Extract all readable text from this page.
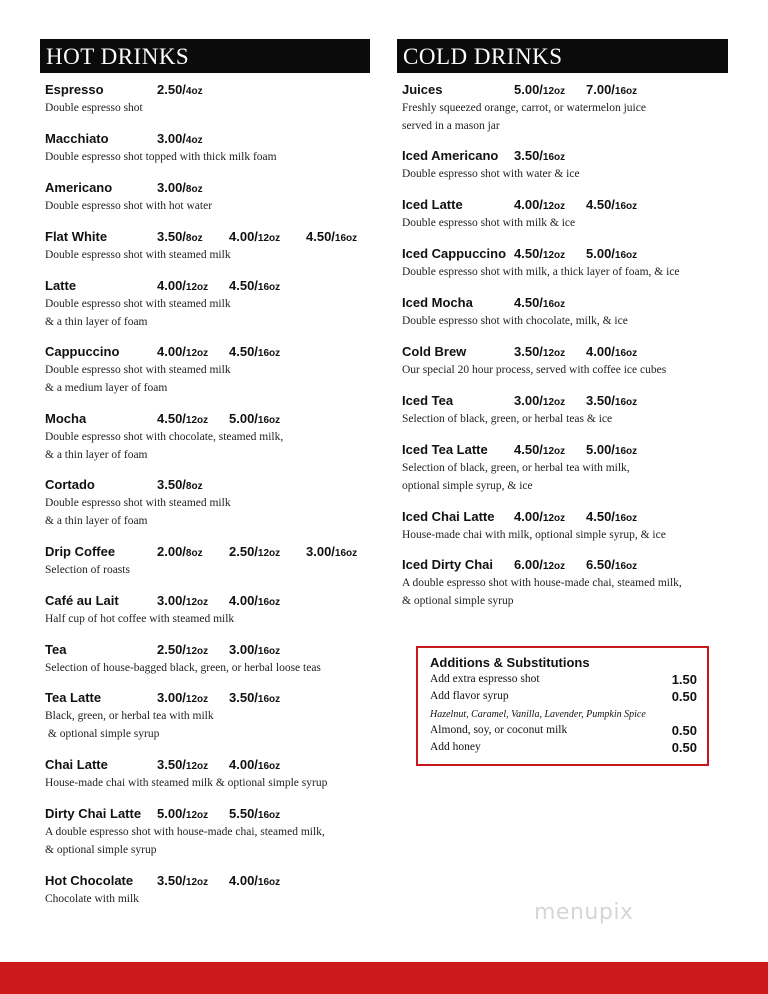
HOT DRINKS	COLD DRINKS
Espresso	2.50/4oz
Double espresso shot
Macchiato	3.00/4oz
Double espresso shot topped with thick milk foam
Americano	3.00/8oz
Double espresso shot with hot water
Flat White	3.50/8oz 4.00/12oz 4.50/16oz
Double espresso shot with steamed milk
Latte	4.00/12oz 4.50/16oz
Double espresso shot with steamed milk
& a thin layer of foam
Cappuccino	4.00/12oz 4.50/16oz
Double espresso shot with steamed milk
& a medium layer of foam
Mocha	4.50/12oz 5.00/16oz
Double espresso shot with chocolate, steamed milk,
& a thin layer of foam
Cortado	3.50/8oz
Double espresso shot with steamed milk
& a thin layer of foam
Drip Coffee	2.00/8oz 2.50/12oz 3.00/16oz
Selection of roasts
Café au Lait	3.00/12oz 4.00/16oz
Half cup of hot coffee with steamed milk
Tea	2.50/12oz 3.00/16oz
Selection of house-bagged black, green, or herbal loose teas
Tea Latte	3.00/12oz 3.50/16oz
Black, green, or herbal tea with milk
& optional simple syrup
Chai Latte	3.50/12oz 4.00/16oz
House-made chai with steamed milk & optional simple syrup
Dirty Chai Latte 5.00/12oz 5.50/16oz
A double espresso shot with house-made chai, steamed milk,
& optional simple syrup
Hot Chocolate 3.50/12oz 4.00/16oz
Chocolate with milk
Juices	5.00/12oz 7.00/16oz
Freshly squeezed orange, carrot, or watermelon juice
served in a mason jar
Iced Americano 3.50/16oz
Double espresso shot with water & ice
Iced Latte	4.00/12oz 4.50/16oz
Double espresso shot with milk & ice
Iced Cappuccino 4.50/12oz 5.00/16oz
Double espresso shot with milk, a thick layer of foam, & ice
Iced Mocha	4.50/16oz
Double espresso shot with chocolate, milk, & ice
Cold Brew	3.50/12oz 4.00/16oz
Our special 20 hour process, served with coffee ice cubes
Iced Tea	3.00/12oz 3.50/16oz
Selection of black, green, or herbal teas & ice
Iced Tea Latte 4.50/12oz 5.00/16oz
Selection of black, green, or herbal tea with milk,
optional simple syrup, & ice
Iced Chai Latte 4.00/12oz 4.50/16oz
House-made chai with milk, optional simple syrup, & ice
Iced Dirty Chai 6.00/12oz 6.50/16oz
A double espresso shot with house-made chai, steamed milk,
& optional simple syrup
Additions & Substitutions
Add extra espresso shot	1.50
Add flavor syrup	0.50
Hazelnut, Caramel, Vanilla, Lavender, Pumpkin Spice
Almond, soy, or coconut milk	0.50
Add honey	0.50
menupix
